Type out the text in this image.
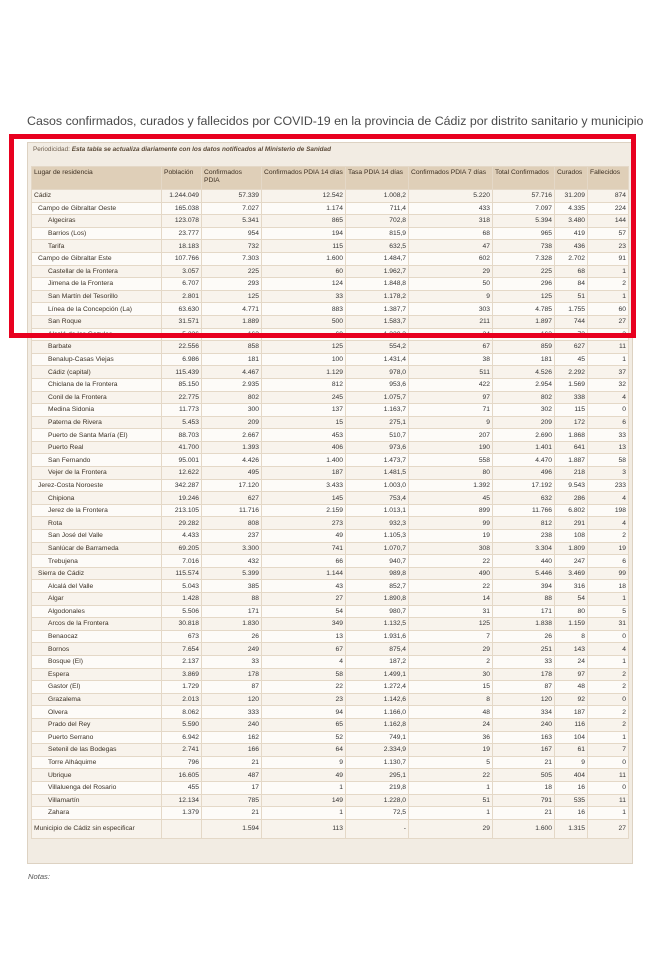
Casos confirmados, curados y fallecidos por COVID-19 en la provincia de Cádiz por distrito sanitario y municipio
Periodicidad: Esta tabla se actualiza diariamente con los datos notificados al Ministerio de Sanidad
Lugar de residencia	Población	Confirmados PDIA	Confirmados PDIA 14 días	Tasa PDIA 14 días	Confirmados PDIA 7 días	Total Confirmados	Curados	Fallecidos
Cádiz	1.244.049	57.339	12.542	1.008,2	5.220	57.716	31.209	874
Campo de Gibraltar Oeste	165.038	7.027	1.174	711,4	433	7.097	4.335	224
Algeciras	123.078	5.341	865	702,8	318	5.394	3.480	144
Barrios (Los)	23.777	954	194	815,9	68	965	419	57
Tarifa	18.183	732	115	632,5	47	738	436	23
Campo de Gibraltar Este	107.766	7.303	1.600	1.484,7	602	7.328	2.702	91
Castellar de la Frontera	3.057	225	60	1.962,7	29	225	68	1
Jimena de la Frontera	6.707	293	124	1.848,8	50	296	84	2
San Martín del Tesorillo	2.801	125	33	1.178,2	9	125	51	1
Línea de la Concepción (La)	63.630	4.771	883	1.387,7	303	4.785	1.755	60
San Roque	31.571	1.889	500	1.583,7	211	1.897	744	27
Alcalá de los Gazules	5.226	163	69	1.320,3	24	163	73	2
Barbate	22.556	858	125	554,2	67	859	627	11
Benalup-Casas Viejas	6.986	181	100	1.431,4	38	181	45	1
Cádiz (capital)	115.439	4.467	1.129	978,0	511	4.526	2.292	37
Chiclana de la Frontera	85.150	2.935	812	953,6	422	2.954	1.569	32
Conil de la Frontera	22.775	802	245	1.075,7	97	802	338	4
Medina Sidonia	11.773	300	137	1.163,7	71	302	115	0
Paterna de Rivera	5.453	209	15	275,1	9	209	172	6
Puerto de Santa María (El)	88.703	2.667	453	510,7	207	2.690	1.868	33
Puerto Real	41.700	1.393	406	973,6	190	1.401	641	13
San Fernando	95.001	4.426	1.400	1.473,7	558	4.470	1.887	58
Vejer de la Frontera	12.622	495	187	1.481,5	80	496	218	3
Jerez-Costa Noroeste	342.287	17.120	3.433	1.003,0	1.392	17.192	9.543	233
Chipiona	19.246	627	145	753,4	45	632	286	4
Jerez de la Frontera	213.105	11.716	2.159	1.013,1	899	11.766	6.802	198
Rota	29.282	808	273	932,3	99	812	291	4
San José del Valle	4.433	237	49	1.105,3	19	238	108	2
Sanlúcar de Barrameda	69.205	3.300	741	1.070,7	308	3.304	1.809	19
Trebujena	7.016	432	66	940,7	22	440	247	6
Sierra de Cádiz	115.574	5.399	1.144	989,8	490	5.446	3.469	99
Alcalá del Valle	5.043	385	43	852,7	22	394	316	18
Algar	1.428	88	27	1.890,8	14	88	54	1
Algodonales	5.506	171	54	980,7	31	171	80	5
Arcos de la Frontera	30.818	1.830	349	1.132,5	125	1.838	1.159	31
Benaocaz	673	26	13	1.931,6	7	26	8	0
Bornos	7.654	249	67	875,4	29	251	143	4
Bosque (El)	2.137	33	4	187,2	2	33	24	1
Espera	3.869	178	58	1.499,1	30	178	97	2
Gastor (El)	1.729	87	22	1.272,4	15	87	48	2
Grazalema	2.013	120	23	1.142,6	8	120	92	0
Olvera	8.062	333	94	1.166,0	48	334	187	2
Prado del Rey	5.590	240	65	1.162,8	24	240	116	2
Puerto Serrano	6.942	162	52	749,1	36	163	104	1
Setenil de las Bodegas	2.741	166	64	2.334,9	19	167	61	7
Torre Alháquime	796	21	9	1.130,7	5	21	9	0
Ubrique	16.605	487	49	295,1	22	505	404	11
Villaluenga del Rosario	455	17	1	219,8	1	18	16	0
Villamartín	12.134	785	149	1.228,0	51	791	535	11
Zahara	1.379	21	1	72,5	1	21	16	1
Municipio de Cádiz sin especificar		1.594	113	-	29	1.600	1.315	27
Notas:
